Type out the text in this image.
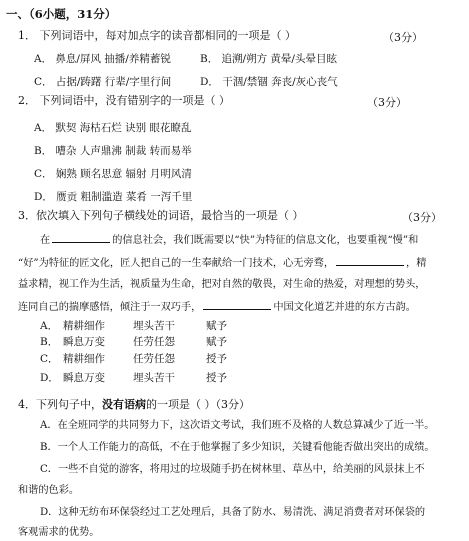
一、（6小题，31分）
1． 下列词语中，每对加点字的读音都相同的一项是（ ）	（3分）
A． 鼻息/屏风 抽播/养精蓄锐	B． 追溯/朔方 黄晕/头晕目眩
C． 占据/踌躇 行辈/字里行间	D． 干涸/禁锢 奔丧/灰心丧气
2． 下列词语中，没有错别字的一项是（ ）	（3分）
A． 默契 海枯石烂 诀别 眼花瞭乱
B． 嘈杂 人声鼎沸 制裁 转而易举
C． 娴熟 顾名思意 辐射 月明风清
D． 赝贡 粗制滥造 菜肴 一泻千里
3．依次填入下列句子横线处的词语，最恰当的一项是（ ）	（3分）
在	的信息社会，我们既需要以“快”为特征的信息文化，也要重视“慢”和
“好”为特征的匠文化，匠人把自己的一生奉献给一门技术，心无旁骛，	，精
益求精，视工作为生活，视质量为生命，把对自然的敬畏，对生命的热爱，对理想的势头，
连同自己的揣摩感悟，倾注于一双巧手，	中国文化道艺并进的东方古韵。
A． 精耕细作	埋头苦干	赋予
B． 瞬息万变	任劳任怨	赋予
C． 精耕细作	任劳任怨	授予
D． 瞬息万变	埋头苦干	授予
4．下列句子中，没有语病的一项是（ ）（3分）
A．在全班同学的共同努力下，这次语文考试，我们班不及格的人数总算减少了近一半。
B．一个人工作能力的高低，不在于他掌握了多少知识，关键看他能否做出突出的成绩。
C．一些不自觉的游客，将用过的垃圾随手扔在树林里、草丛中，给美丽的风景抹上不
和谐的色彩。
D．这种无纺布环保袋经过工艺处理后，具备了防水、易清洗、满足消费者对环保袋的
客观需求的优势。
